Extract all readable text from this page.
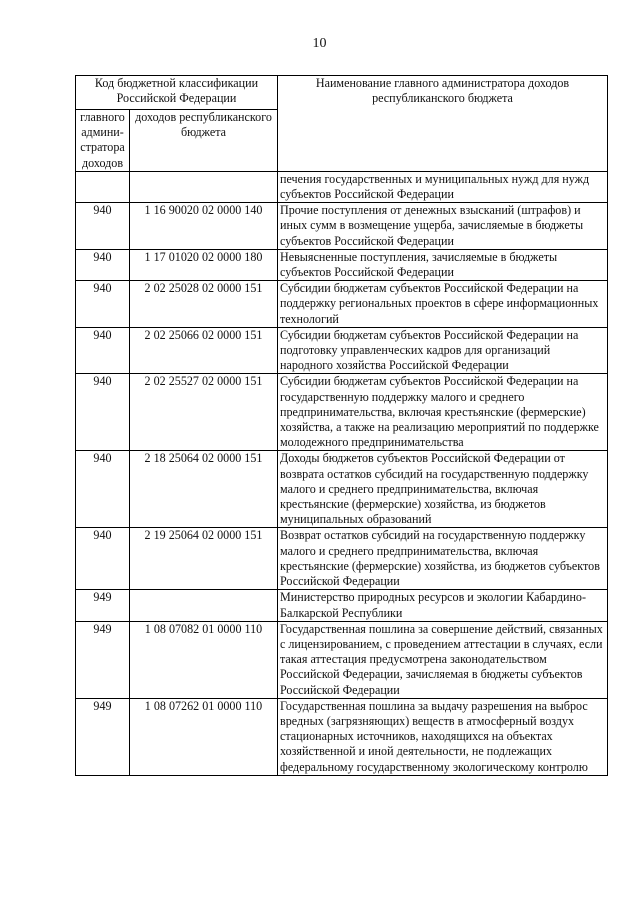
10
Код бюджетной классификации Российской Федерации		Наименование главного администратора доходов республиканского бюджета
главного админи-стратора доходов	доходов республиканского бюджета	
		печения государственных и муниципальных нужд для нужд субъектов Российской Федерации
940	1 16 90020 02 0000 140	Прочие поступления от денежных взысканий (штрафов) и иных сумм в возмещение ущерба, зачисляемые в бюджеты субъектов Российской Федерации
940	1 17 01020 02 0000 180	Невыясненные поступления, зачисляемые в бюджеты субъектов Российской Федерации
940	2 02 25028 02 0000 151	Субсидии бюджетам субъектов Российской Федерации на поддержку региональных проектов в сфере информационных технологий
940	2 02 25066 02 0000 151	Субсидии бюджетам субъектов Российской Федерации на подготовку управленческих кадров для организаций народного хозяйства Российской Федерации
940	2 02 25527 02 0000 151	Субсидии бюджетам субъектов Российской Федерации на государственную поддержку малого и среднего предпринимательства, включая крестьянские (фермерские) хозяйства, а также на реализацию мероприятий по поддержке молодежного предпринимательства
940	2 18 25064 02 0000 151	Доходы бюджетов субъектов Российской Федерации от возврата остатков субсидий на государственную поддержку малого и среднего предпринимательства, включая крестьянские (фермерские) хозяйства, из бюджетов муниципальных образований
940	2 19 25064 02 0000 151	Возврат остатков субсидий на государственную поддержку малого и среднего предпринимательства, включая крестьянские (фермерские) хозяйства, из бюджетов субъектов Российской Федерации
949		Министерство природных ресурсов и экологии Кабардино-Балкарской Республики
949	1 08 07082 01 0000 110	Государственная пошлина за совершение действий, связанных с лицензированием, с проведением аттестации в случаях, если такая аттестация предусмотрена законодательством Российской Федерации, зачисляемая в бюджеты субъектов Российской Федерации
949	1 08 07262 01 0000 110	Государственная пошлина за выдачу разрешения на выброс вредных (загрязняющих) веществ в атмосферный воздух стационарных источников, находящихся на объектах хозяйственной и иной деятельности, не подлежащих федеральному государственному экологическому контролю
